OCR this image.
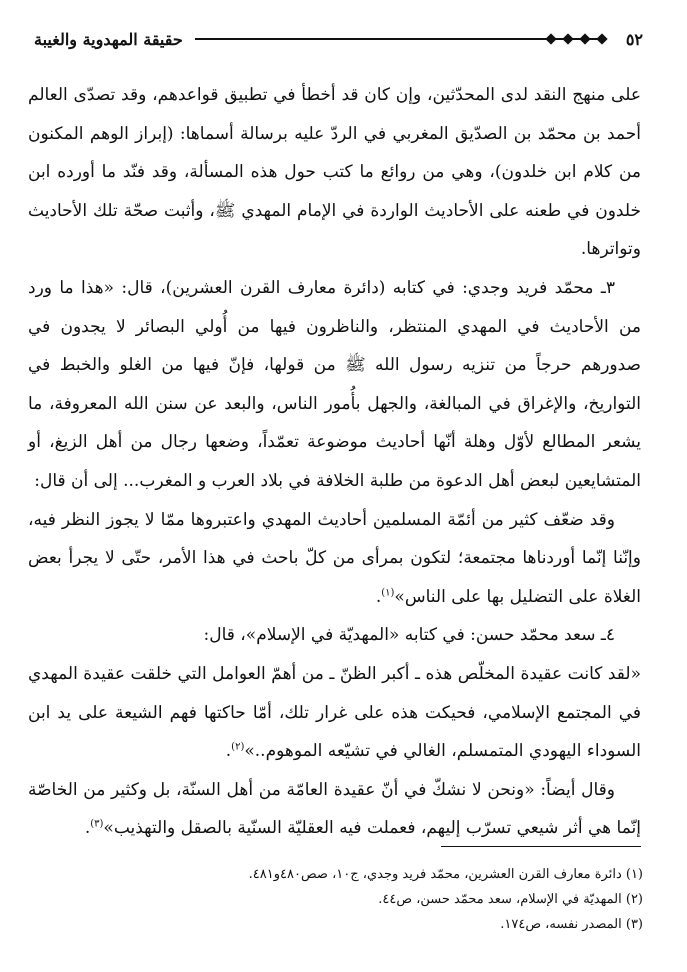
٥٢
حقيقة المهدوية والغيبة

على منهج النقد لدى المحدّثين، وإن كان قد أخطأ في تطبيق قواعدهم، وقد تصدّى العالم أحمد بن محمّد بن الصدّيق المغربي في الردّ عليه برسالة أسماها: (إبراز الوهم المكنون من كلام ابن خلدون)، وهي من روائع ما كتب حول هذه المسألة، وقد فنّد ما أورده ابن خلدون في طعنه على الأحاديث الواردة في الإمام المهدي ﷺ، وأثبت صحّة تلك الأحاديث وتواترها.

٣ـ محمّد فريد وجدي: في كتابه (دائرة معارف القرن العشرين)، قال: «هذا ما ورد من الأحاديث في المهدي المنتظر، والناظرون فيها من أُولي البصائر لا يجدون في صدورهم حرجاً من تنزيه رسول الله ﷺ من قولها، فإنّ فيها من الغلو والخبط في التواريخ، والإغراق في المبالغة، والجهل بأُمور الناس، والبعد عن سنن الله المعروفة، ما يشعر المطالع لأوّل وهلة أنّها أحاديث موضوعة تعمّداً، وضعها رجال من أهل الزيغ، أو المتشايعين لبعض أهل الدعوة من طلبة الخلافة في بلاد العرب و المغرب... إلى أن قال:

وقد ضعّف كثير من أئمّة المسلمين أحاديث المهدي واعتبروها ممّا لا يجوز النظر فيه، وإنّنا إنّما أوردناها مجتمعة؛ لتكون بمرأى من كلّ باحث في هذا الأمر، حتّى لا يجرأ بعض الغلاة على التضليل بها على الناس»$^{(١)}$.

٤ـ سعد محمّد حسن: في كتابه «المهديّة في الإسلام»، قال:

«لقد كانت عقيدة المخلّص هذه ـ أكبر الظنّ ـ من أهمّ العوامل التي خلقت عقيدة المهدي في المجتمع الإسلامي، فحيكت هذه على غرار تلك، أمّا حاكتها فهم الشيعة على يد ابن السوداء اليهودي المتمسلم، الغالي في تشيّعه الموهوم..»$^{(٢)}$.

وقال أيضاً: «ونحن لا نشكّ في أنّ عقيدة العامّة من أهل السنّة، بل وكثير من الخاصّة إنّما هي أثر شيعي تسرّب إليهم، فعملت فيه العقليّة السنّية بالصقل والتهذيب»$^{(٣)}$.

(١) دائرة معارف القرن العشرين، محمّد فريد وجدي، ج١٠، صص٤٨٠و٤٨١.
(٢) المهديّة في الإسلام، سعد محمّد حسن، ص٤٤.
(٣) المصدر نفسه، ص١٧٤.
